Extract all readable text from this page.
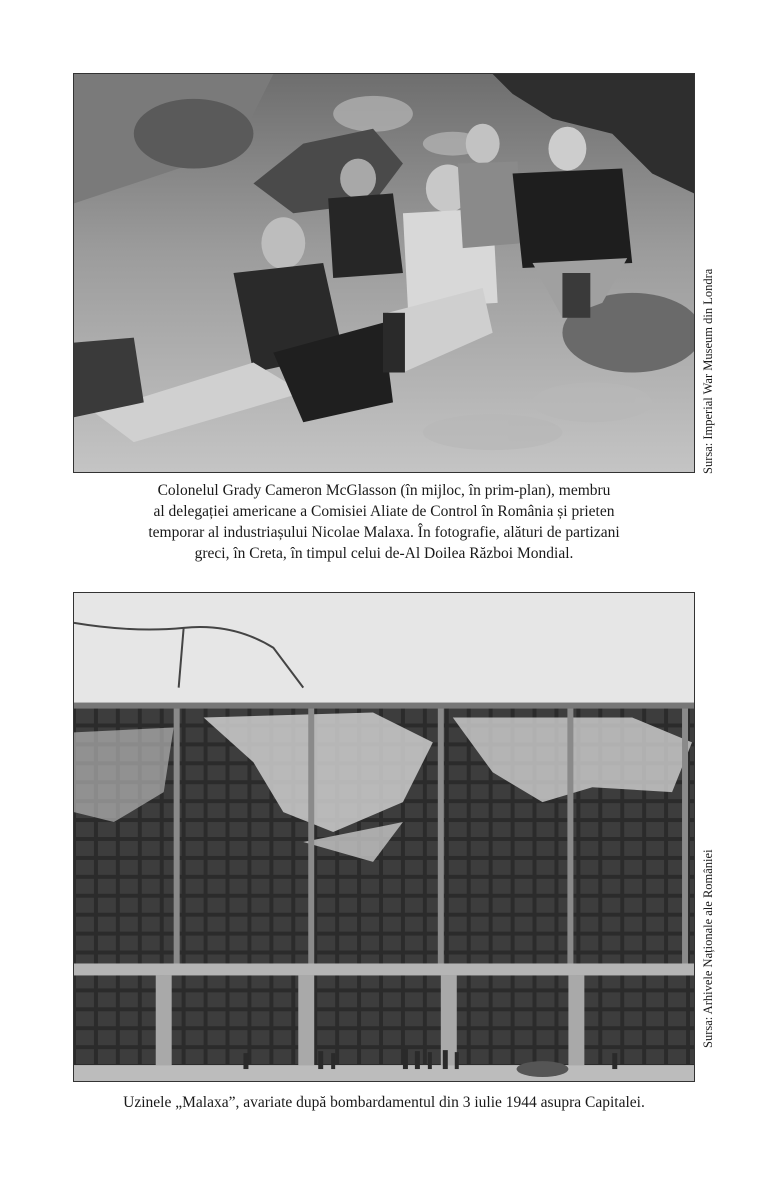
Sursa: Imperial War Museum din Londra
Colonelul Grady Cameron McGlasson (în mijloc, în prim-plan), membru
al delegației americane a Comisiei Aliate de Control în România și prieten
temporar al industriașului Nicolae Malaxa. În fotografie, alături de partizani
greci, în Creta, în timpul celui de-Al Doilea Război Mondial.
Sursa: Arhivele Naționale ale României
Uzinele „Malaxa”, avariate după bombardamentul din 3 iulie 1944 asupra Capitalei.
